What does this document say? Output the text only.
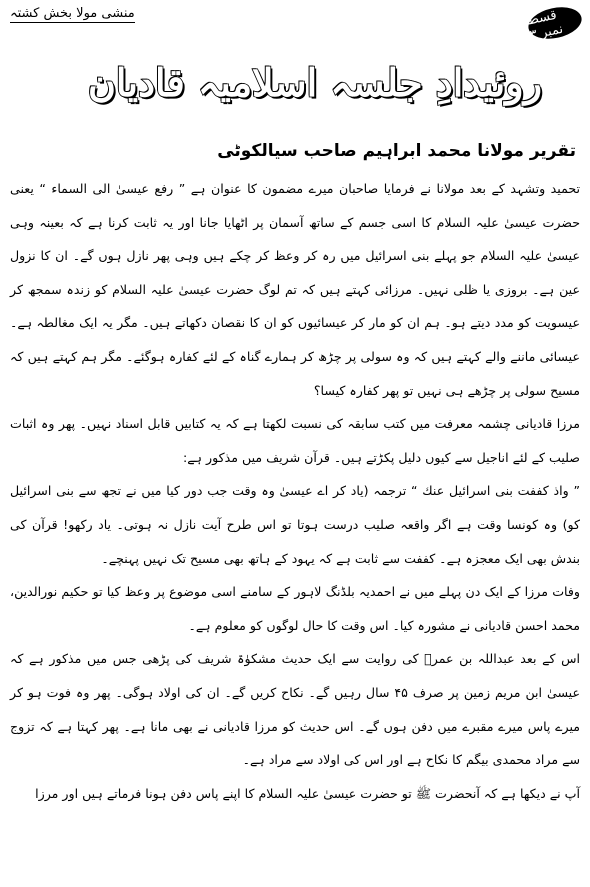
منشی مولا بخش کشتہ	قسط نمبر ٣
روئیدادِ جلسہ اسلامیہ قادیان
تقریر مولانا محمد ابراہیم صاحب سیالکوٹی

تحمید وتشہد کے بعد مولانا نے فرمایا صاحبان میرے مضمون کا عنوان ہے ” رفع عیسیٰ الی السماء “ یعنی حضرت عیسیٰ علیہ السلام کا اسی جسم کے ساتھ آسمان پر اٹھایا جانا اور یہ ثابت کرنا ہے کہ بعینہ وہی عیسیٰ علیہ السلام جو پہلے بنی اسرائیل میں رہ کر وعظ کر چکے ہیں وہی پھر نازل ہوں گے۔ ان کا نزول عین ہے۔ بروزی یا ظلی نہیں۔ مرزائی کہتے ہیں کہ تم لوگ حضرت عیسیٰ علیہ السلام کو زندہ سمجھ کر عیسویت کو مدد دیتے ہو۔ ہم ان کو مار کر عیسائیوں کو ان کا نقصان دکھاتے ہیں۔ مگر یہ ایک مغالطہ ہے۔ عیسائی ماننے والے کہتے ہیں کہ وہ سولی پر چڑھ کر ہمارے گناہ کے لئے کفارہ ہوگئے۔ مگر ہم کہتے ہیں کہ مسیح سولی پر چڑھے ہی نہیں تو پھر کفارہ کیسا؟

مرزا قادیانی چشمہ معرفت میں کتب سابقہ کی نسبت لکھتا ہے کہ یہ کتابیں قابل اسناد نہیں۔ پھر وہ اثبات صلیب کے لئے اناجیل سے کیوں دلیل پکڑتے ہیں۔ قرآن شریف میں مذکور ہے:

” واذ کففت بنی اسرائیل عنك “ ترجمہ (یاد کر اے عیسیٰ وہ وقت جب دور کیا میں نے تجھ سے بنی اسرائیل کو) وہ کونسا وقت ہے اگر واقعہ صلیب درست ہوتا تو اس طرح آیت نازل نہ ہوتی۔ یاد رکھو! قرآن کی بندش بھی ایک معجزہ ہے۔ کففت سے ثابت ہے کہ یہود کے ہاتھ بھی مسیح تک نہیں پہنچے۔

وفات مرزا کے ایک دن پہلے میں نے احمدیہ بلڈنگ لاہور کے سامنے اسی موضوع پر وعظ کیا تو حکیم نورالدین، محمد احسن قادیانی نے مشورہ کیا۔ اس وقت کا حال لوگوں کو معلوم ہے۔

اس کے بعد عبداللہ بن عمرؓ کی روایت سے ایک حدیث مشکوٰۃ شریف کی پڑھی جس میں مذکور ہے کہ عیسیٰ ابن مریم زمین پر صرف ۴۵ سال رہیں گے۔ نکاح کریں گے۔ ان کی اولاد ہوگی۔ پھر وہ فوت ہو کر میرے پاس میرے مقبرے میں دفن ہوں گے۔ اس حدیث کو مرزا قادیانی نے بھی مانا ہے۔ پھر کہتا ہے کہ تزوج سے مراد محمدی بیگم کا نکاح ہے اور اس کی اولاد سے مراد ہے۔

آپ نے دیکھا ہے کہ آنحضرت ﷺ تو حضرت عیسیٰ علیہ السلام کا اپنے پاس دفن ہونا فرماتے ہیں اور مرزا
